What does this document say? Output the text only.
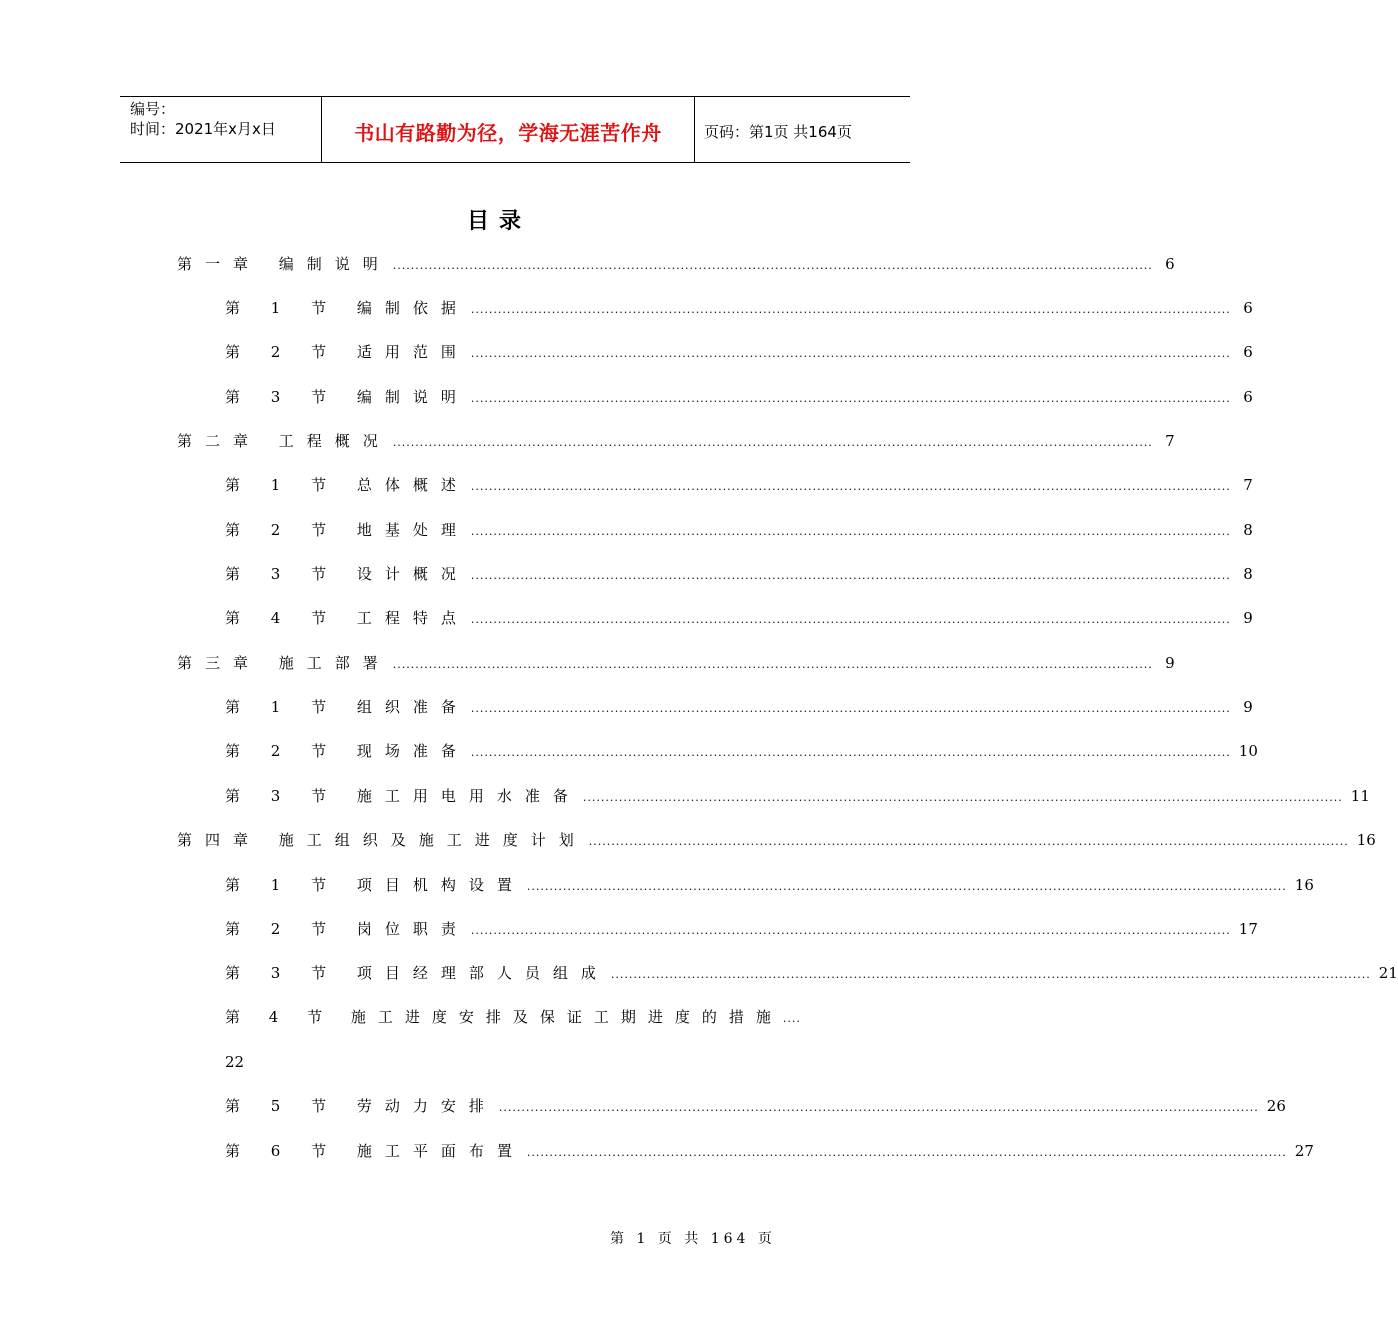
编号：
时间：2021年x月x日	书山有路勤为径，学海无涯苦作舟	页码：第1页 共164页
目录
第一章 编制说明 ......................................................................................................................................................................... 6
第 1 节 编制依据 ......................................................................................................................................................................... 6
第 2 节 适用范围 ......................................................................................................................................................................... 6
第 3 节 编制说明 ......................................................................................................................................................................... 6
第二章 工程概况 ......................................................................................................................................................................... 7
第 1 节 总体概述 ......................................................................................................................................................................... 7
第 2 节 地基处理 ......................................................................................................................................................................... 8
第 3 节 设计概况 ......................................................................................................................................................................... 8
第 4 节 工程特点 ......................................................................................................................................................................... 9
第三章 施工部署 ......................................................................................................................................................................... 9
第 1 节 组织准备 ......................................................................................................................................................................... 9
第 2 节 现场准备 ......................................................................................................................................................................... 10
第 3 节 施工用电用水准备 ......................................................................................................................................................................... 11
第四章 施工组织及施工进度计划 ......................................................................................................................................................................... 16
第 1 节 项目机构设置 ......................................................................................................................................................................... 16
第 2 节 岗位职责 ......................................................................................................................................................................... 17
第 3 节 项目经理部人员组成 ......................................................................................................................................................................... 21
第 4 节 施工进度安排及保证工期进度的措施 ....
22
第 5 节 劳动力安排 ......................................................................................................................................................................... 26
第 6 节 施工平面布置 ......................................................................................................................................................................... 27
第 1 页 共 164 页
